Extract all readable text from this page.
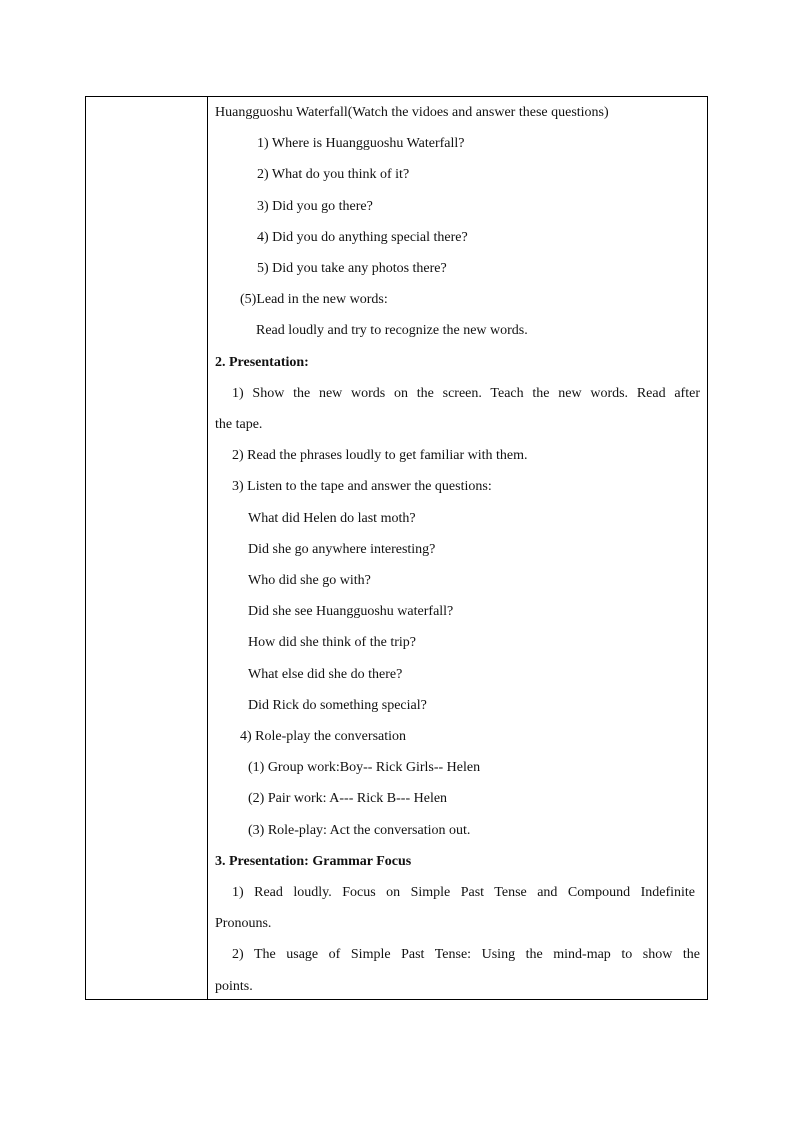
Huangguoshu Waterfall(Watch the vidoes and answer these questions)
1) Where is Huangguoshu Waterfall?
2) What do you think of it?
3) Did you go there?
4) Did you do anything special there?
5) Did you take any photos there?
(5)Lead in the new words:
Read loudly and try to recognize the new words.
2. Presentation:
1) Show the new words on the screen. Teach the new words. Read after
the tape.
2) Read the phrases loudly to get familiar with them.
3) Listen to the tape and answer the questions:
What did Helen do last moth?
Did she go anywhere interesting?
Who did she go with?
Did she see Huangguoshu waterfall?
How did she think of the trip?
What else did she do there?
Did Rick do something special?
4) Role-play the conversation
(1) Group work:Boy-- Rick Girls-- Helen
(2) Pair work: A--- Rick B--- Helen
(3) Role-play: Act the conversation out.
3. Presentation: Grammar Focus
1) Read loudly. Focus on Simple Past Tense and Compound Indefinite
Pronouns.
2) The usage of Simple Past Tense: Using the mind-map to show the
points.
